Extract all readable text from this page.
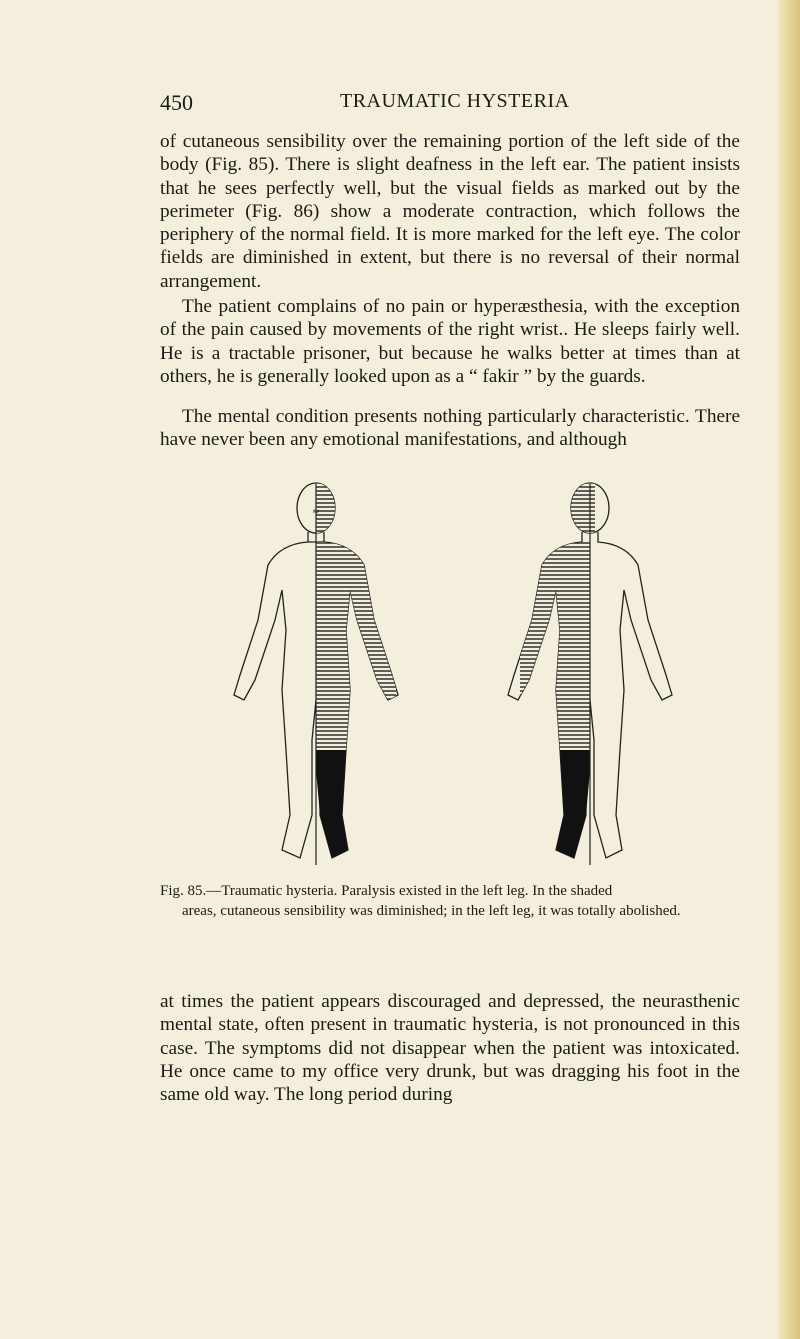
450	TRAUMATIC HYSTERIA

of cutaneous sensibility over the remaining portion of the left side of the body (Fig. 85). There is slight deafness in the left ear. The patient insists that he sees perfectly well, but the visual fields as marked out by the perimeter (Fig. 86) show a moderate contraction, which follows the periphery of the normal field. It is more marked for the left eye. The color fields are diminished in extent, but there is no reversal of their normal arrangement.

The patient complains of no pain or hyperæsthesia, with the exception of the pain caused by movements of the right wrist.. He sleeps fairly well. He is a tractable prisoner, but because he walks better at times than at others, he is generally looked upon as a “ fakir ” by the guards.

The mental condition presents nothing particularly characteristic. There have never been any emotional manifestations, and although

≈

Fig. 85.—Traumatic hysteria. Paralysis existed in the left leg. In the shaded
areas, cutaneous sensibility was diminished; in the left leg, it was totally abolished.

at times the patient appears discouraged and depressed, the neurasthenic mental state, often present in traumatic hysteria, is not pronounced in this case. The symptoms did not disappear when the patient was intoxicated. He once came to my office very drunk, but was dragging his foot in the same old way. The long period during
